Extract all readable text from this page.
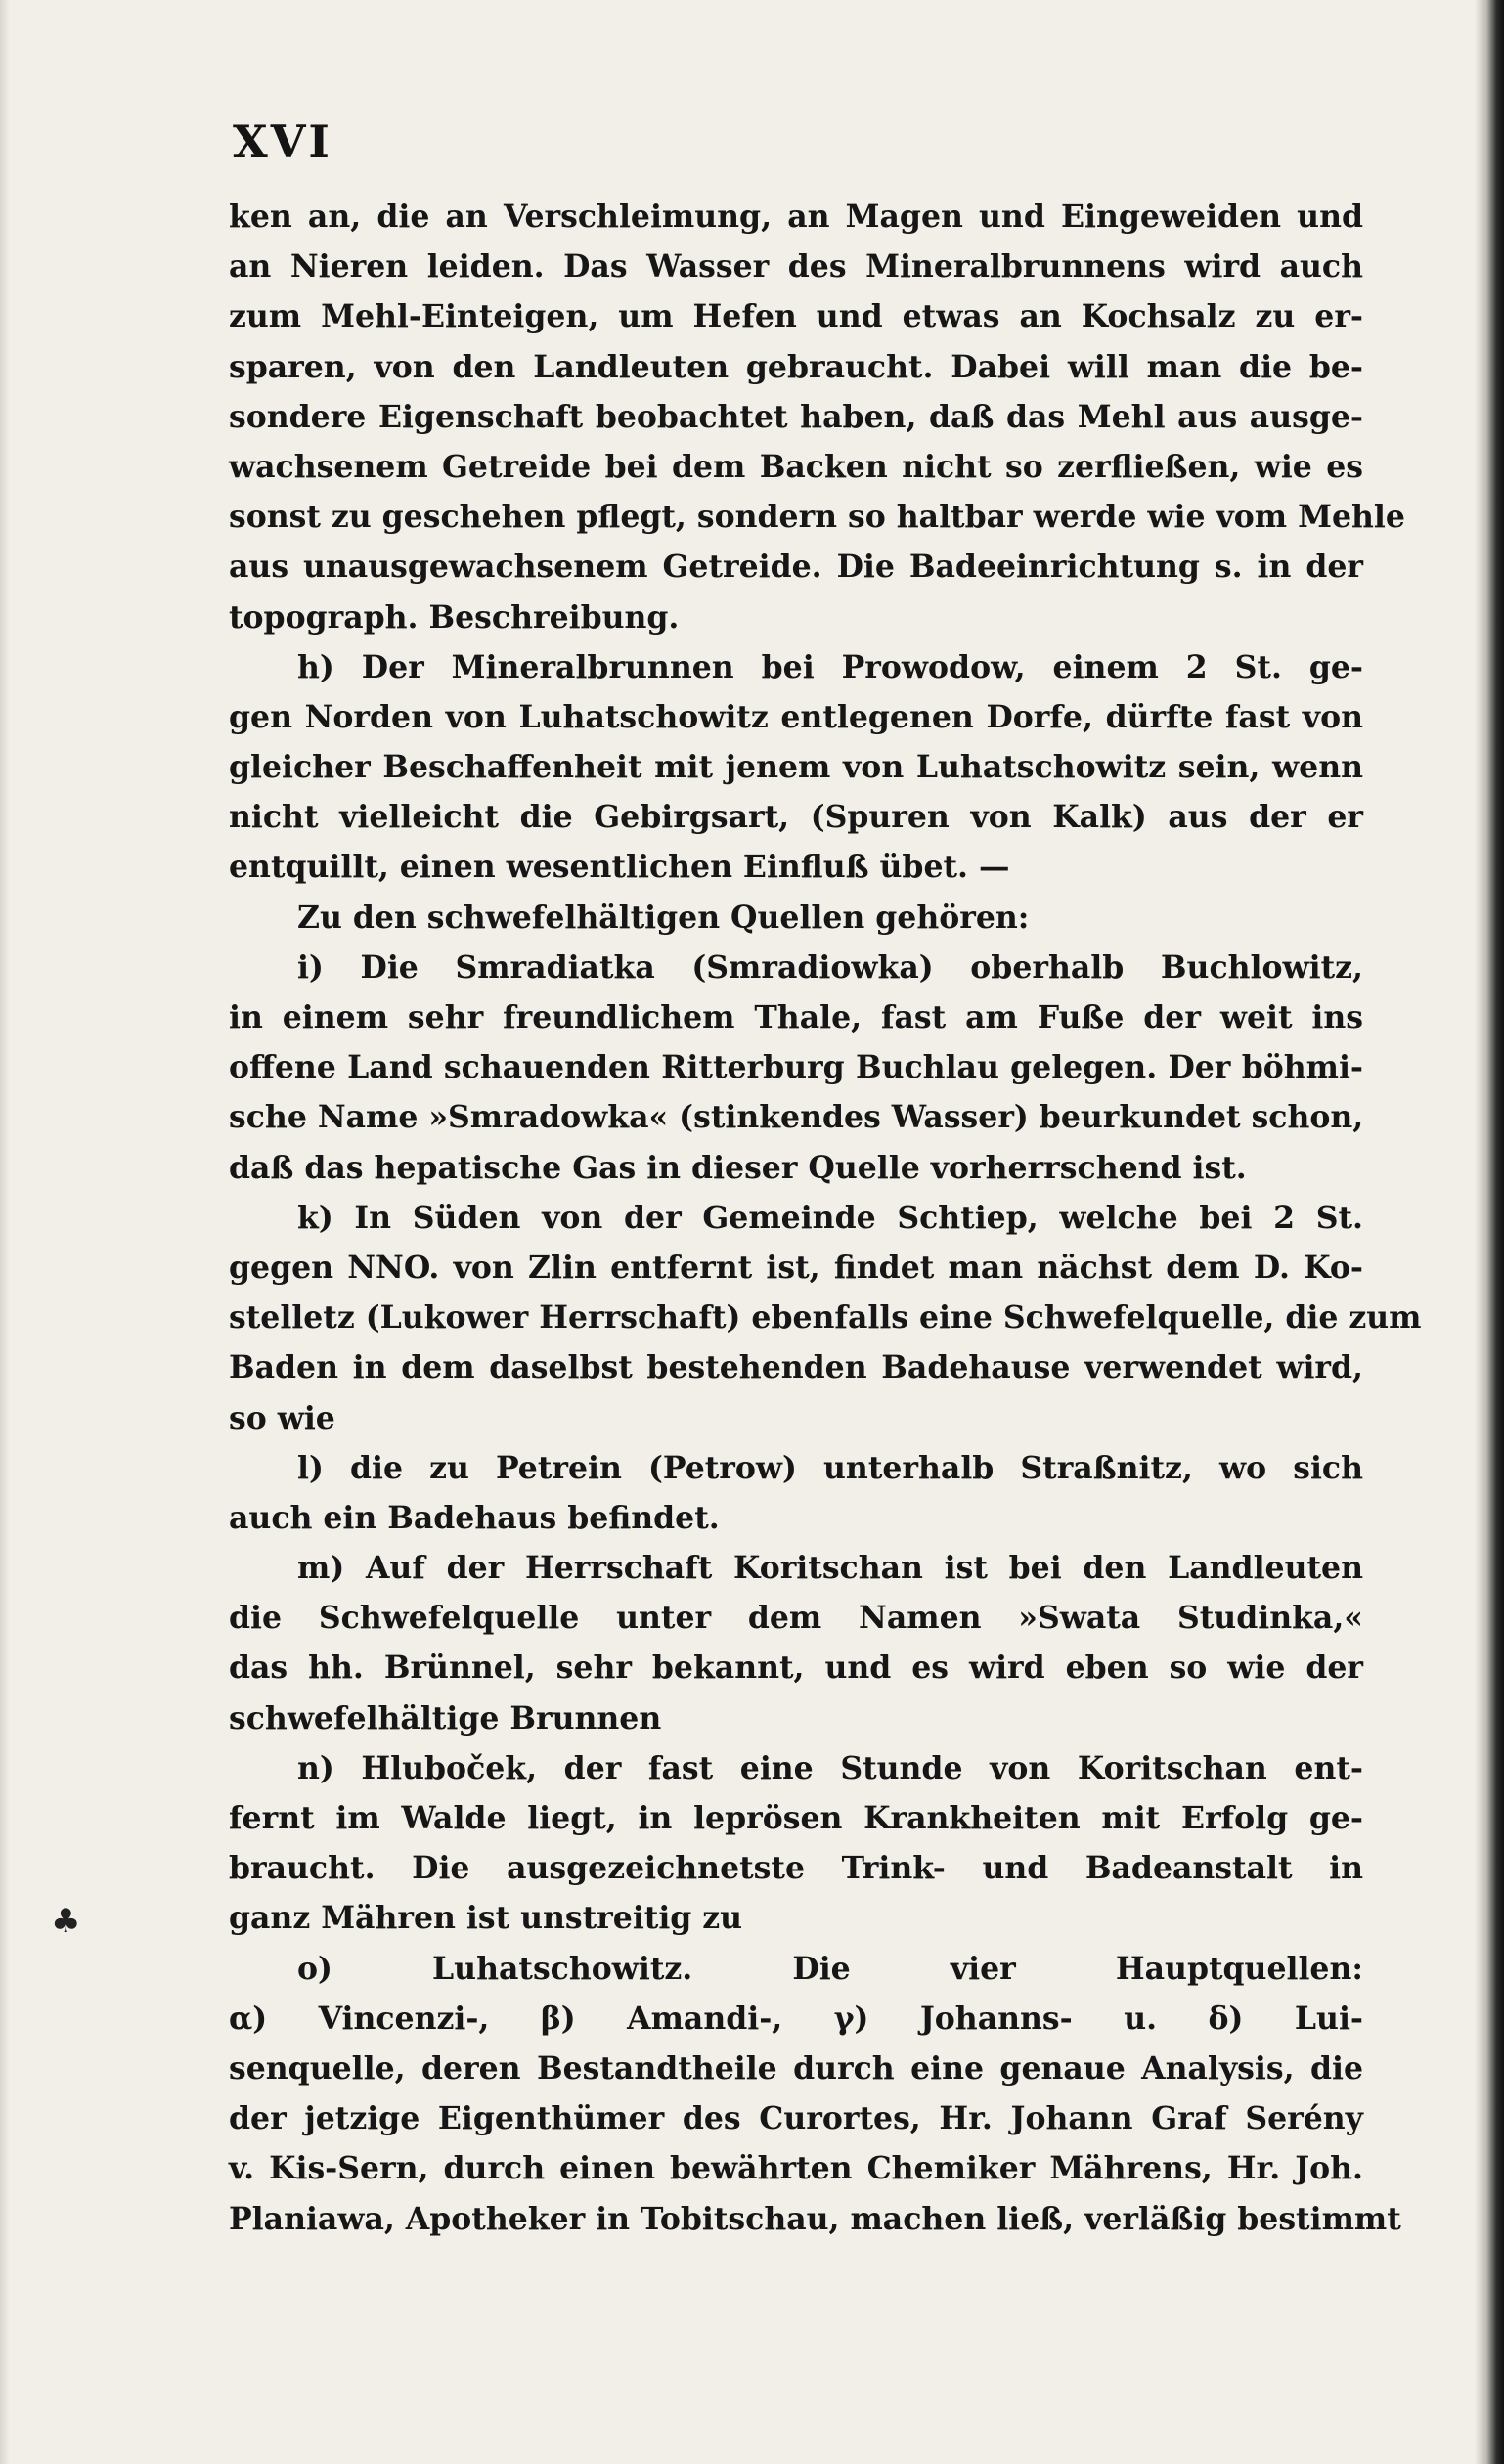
XVI
ken an, die an Verschleimung, an Magen und Eingeweiden und
an Nieren leiden. Das Wasser des Mineralbrunnens wird auch
zum Mehl-Einteigen, um Hefen und etwas an Kochsalz zu er-
sparen, von den Landleuten gebraucht. Dabei will man die be-
sondere Eigenschaft beobachtet haben, daß das Mehl aus ausge-
wachsenem Getreide bei dem Backen nicht so zerfließen, wie es
sonst zu geschehen pflegt, sondern so haltbar werde wie vom Mehle
aus unausgewachsenem Getreide. Die Badeeinrichtung s. in der
topograph. Beschreibung.
h) Der Mineralbrunnen bei Prowodow, einem 2 St. ge-
gen Norden von Luhatschowitz entlegenen Dorfe, dürfte fast von
gleicher Beschaffenheit mit jenem von Luhatschowitz sein, wenn
nicht vielleicht die Gebirgsart, (Spuren von Kalk) aus der er
entquillt, einen wesentlichen Einfluß übet. —
Zu den schwefelhältigen Quellen gehören:
i) Die Smradiatka (Smradiowka) oberhalb Buchlowitz,
in einem sehr freundlichem Thale, fast am Fuße der weit ins
offene Land schauenden Ritterburg Buchlau gelegen. Der böhmi-
sche Name »Smradowka« (stinkendes Wasser) beurkundet schon,
daß das hepatische Gas in dieser Quelle vorherrschend ist.
k) In Süden von der Gemeinde Schtiep, welche bei 2 St.
gegen NNO. von Zlin entfernt ist, findet man nächst dem D. Ko-
stelletz (Lukower Herrschaft) ebenfalls eine Schwefelquelle, die zum
Baden in dem daselbst bestehenden Badehause verwendet wird,
so wie
l) die zu Petrein (Petrow) unterhalb Straßnitz, wo sich
auch ein Badehaus befindet.
m) Auf der Herrschaft Koritschan ist bei den Landleuten
die Schwefelquelle unter dem Namen »Swata Studinka,«
das hh. Brünnel, sehr bekannt, und es wird eben so wie der
schwefelhältige Brunnen
n) Hluboček, der fast eine Stunde von Koritschan ent-
fernt im Walde liegt, in leprösen Krankheiten mit Erfolg ge-
braucht. Die ausgezeichnetste Trink- und Badeanstalt in
ganz Mähren ist unstreitig zu
o) Luhatschowitz. Die vier Hauptquellen:
α) Vincenzi-, β) Amandi-, γ) Johanns- u. δ) Lui-
senquelle, deren Bestandtheile durch eine genaue Analysis, die
der jetzige Eigenthümer des Curortes, Hr. Johann Graf Serény
v. Kis-Sern, durch einen bewährten Chemiker Mährens, Hr. Joh.
Planiawa, Apotheker in Tobitschau, machen ließ, verläßig bestimmt
♣
